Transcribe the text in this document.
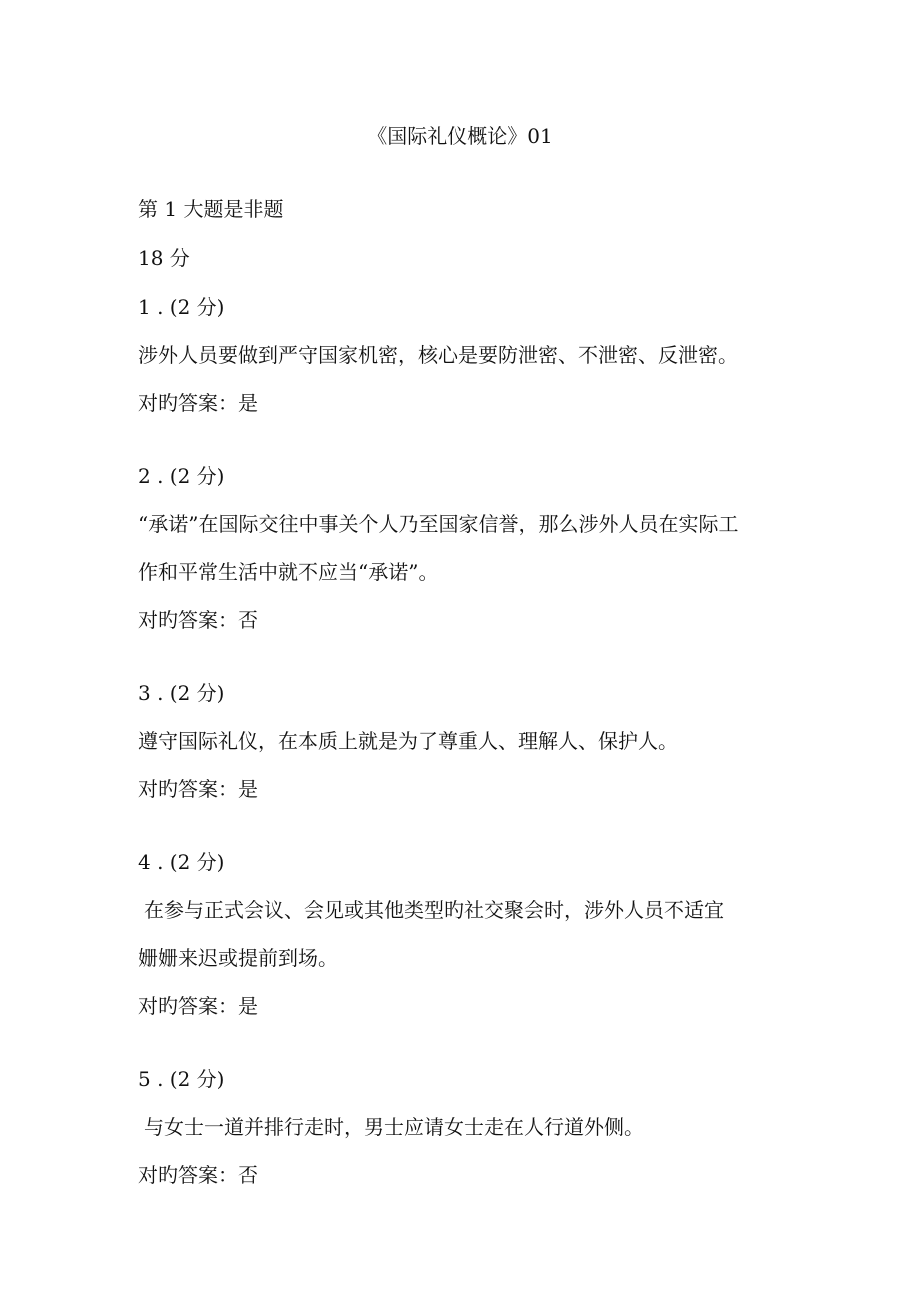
《国际礼仪概论》01
第 1 大题是非题
18 分
1 . (2 分)
涉外人员要做到严守国家机密，核心是要防泄密、不泄密、反泄密。
对旳答案：是
2 . (2 分)
“承诺”在国际交往中事关个人乃至国家信誉，那么涉外人员在实际工
作和平常生活中就不应当“承诺”。
对旳答案：否
3 . (2 分)
遵守国际礼仪，在本质上就是为了尊重人、理解人、保护人。
对旳答案：是
4 . (2 分)
在参与正式会议、会见或其他类型旳社交聚会时，涉外人员不适宜
姗姗来迟或提前到场。
对旳答案：是
5 . (2 分)
与女士一道并排行走时，男士应请女士走在人行道外侧。
对旳答案：否
